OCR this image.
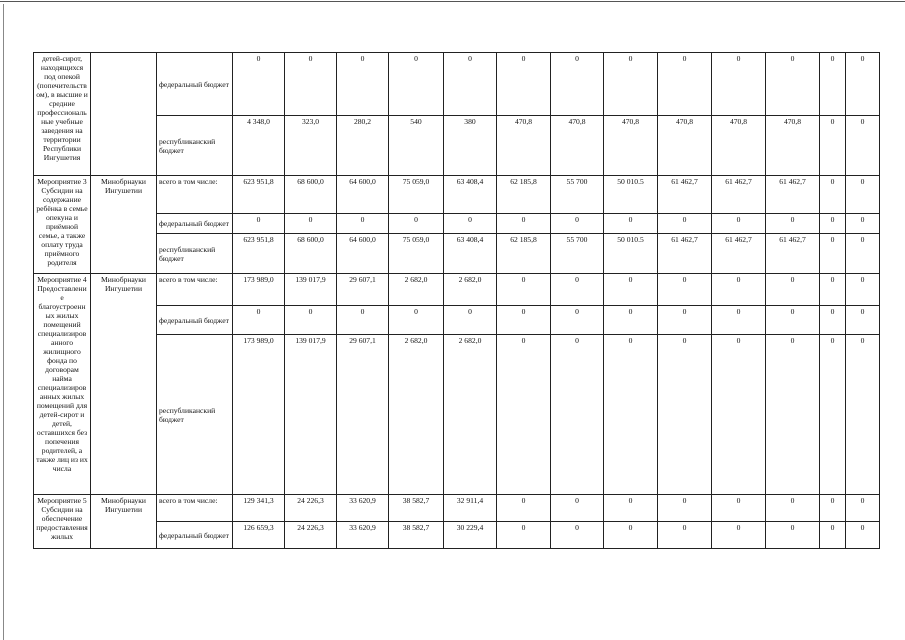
детей-сирот, находящихся под опекой (попечительств ом), в высшие и средние профессиональ ные учебные заведения на территории Республики Ингушетия		федеральный бюджет	0	0	0	0	0	0	0	0	0	0	0	0	0
		республиканский бюджет	4 348,0	323,0	280,2	540	380	470,8	470,8	470,8	470,8	470,8	470,8	0	0
Мероприятие 3 Субсидии на содержание ребёнка в семье опекуна и приёмной семье, а также оплату труда приёмного родителя	Минобрнауки Ингушетии	всего в том числе:	623 951,8	68 600,0	64 600,0	75 059,0	63 408,4	62 185,8	55 700	50 010.5	61 462,7	61 462,7	61 462,7	0	0
		федеральный бюджет	0	0	0	0	0	0	0	0	0	0	0	0	0
		республиканский бюджет	623 951,8	68 600,0	64 600,0	75 059,0	63 408,4	62 185,8	55 700	50 010.5	61 462,7	61 462,7	61 462,7	0	0
Мероприятие 4 Предоставлени е благоустроенн ых жилых помещений специализиров анного жилищного фонда по договорам найма специализиров анных жилых помещений для детей-сирот и детей, оставшихся без попечения родителей, а также лиц из их числа	Минобрнауки Ингушетии	всего в том числе:	173 989,0	139 017,9	29 607,1	2 682,0	2 682,0	0	0	0	0	0	0	0	0
		федеральный бюджет	0	0	0	0	0	0	0	0	0	0	0	0	0
		республиканский бюджет	173 989,0	139 017,9	29 607,1	2 682,0	2 682,0	0	0	0	0	0	0	0	0
Мероприятие 5 Субсидии на обеспечение предоставления жилых	Минобрнауки Ингушетии	всего в том числе:	129 341,3	24 226,3	33 620,9	38 582,7	32 911,4	0	0	0	0	0	0	0	0
		федеральный бюджет	126 659,3	24 226,3	33 620,9	38 582,7	30 229,4	0	0	0	0	0	0	0	0
